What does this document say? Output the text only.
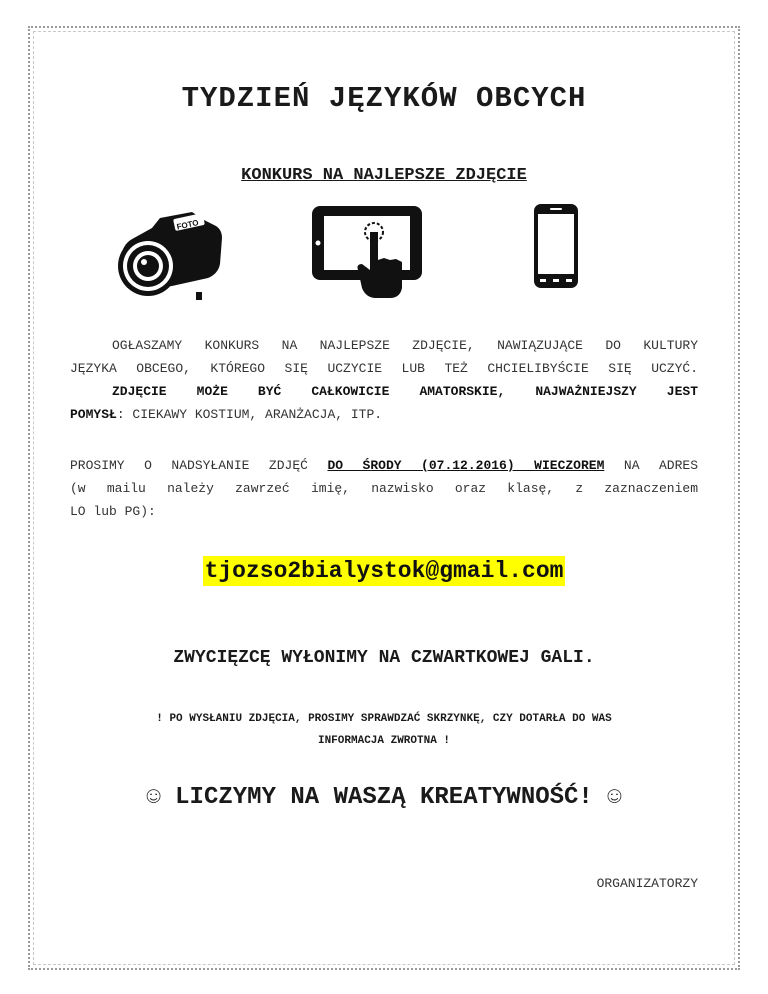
TYDZIEŃ JĘZYKÓW OBCYCH
KONKURS NA NAJLEPSZE ZDJĘCIE
FOTO
OGŁASZAMY KONKURS NA NAJLEPSZE ZDJĘCIE, NAWIĄZUJĄCE DO KULTURY
JĘZYKA OBCEGO, KTÓREGO SIĘ UCZYCIE LUB TEŻ CHCIELIBYŚCIE SIĘ UCZYĆ.
ZDJĘCIE MOŻE BYĆ CAŁKOWICIE AMATORSKIE, NAJWAŻNIEJSZY JEST
POMYSŁ: CIEKAWY KOSTIUM, ARANŻACJA, ITP.
PROSIMY O NADSYŁANIE ZDJĘĆ DO ŚRODY (07.12.2016) WIECZOREM NA ADRES
(w mailu należy zawrzeć imię, nazwisko oraz klasę, z zaznaczeniem
LO lub PG):
tjozso2bialystok@gmail.com

ZWYCIĘZCĘ WYŁONIMY NA CZWARTKOWEJ GALI.

! PO WYSŁANIU ZDJĘCIA, PROSIMY SPRAWDZAĆ SKRZYNKĘ, CZY DOTARŁA DO WAS
INFORMACJA ZWROTNA !

☺ LICZYMY NA WASZĄ KREATYWNOŚĆ! ☺

ORGANIZATORZY
